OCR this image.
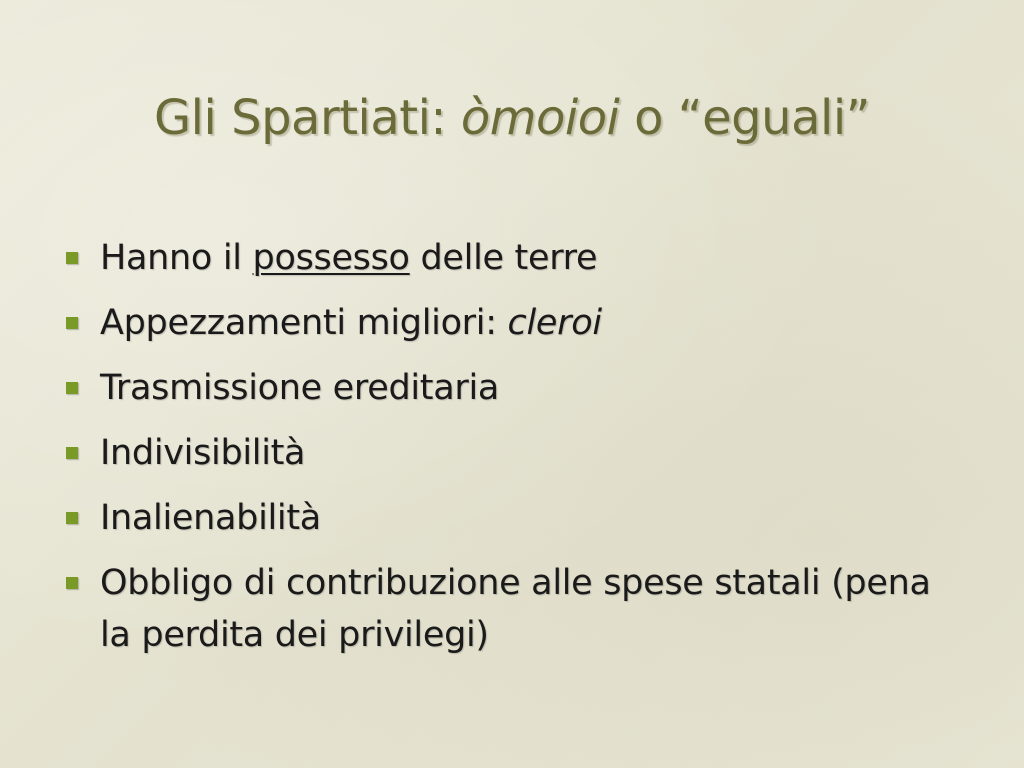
Gli Spartiati: òmoioi o “eguali”
Hanno il possesso delle terre
Appezzamenti migliori: cleroi
Trasmissione ereditaria
Indivisibilità
Inalienabilità
Obbligo di contribuzione alle spese statali (pena la perdita dei privilegi)
